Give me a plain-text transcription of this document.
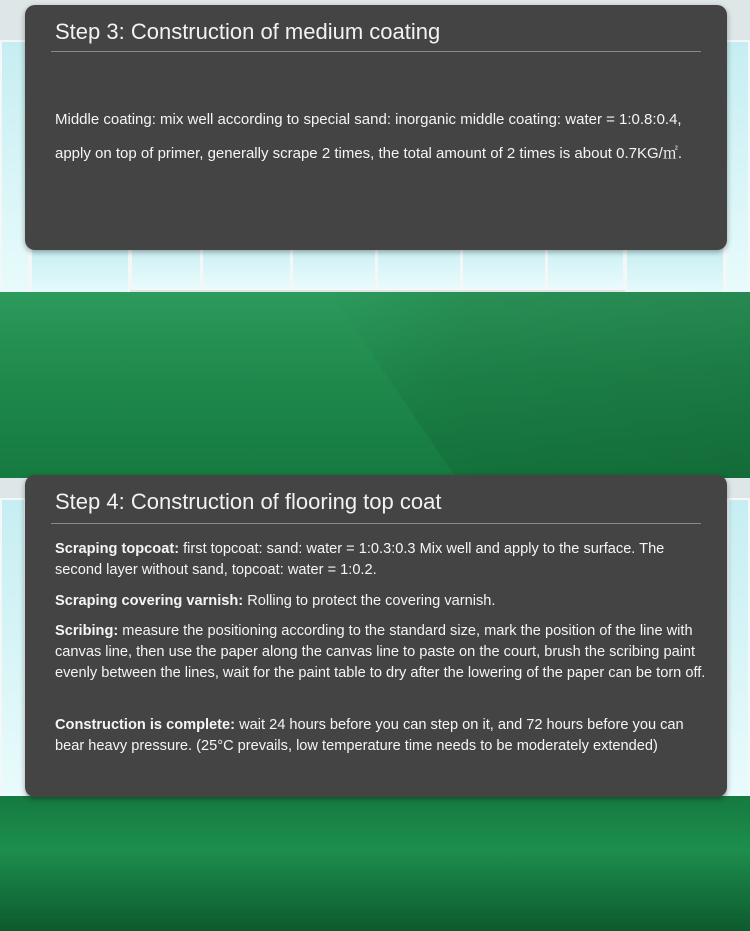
Step 3: Construction of medium coating
Middle coating: mix well according to special sand: inorganic middle coating: water = 1:0.8:0.4, apply on top of primer, generally scrape 2 times, the total amount of 2 times is about 0.7KG/㎡.
Step 4: Construction of flooring top coat
Scraping topcoat: first topcoat: sand: water = 1:0.3:0.3 Mix well and apply to the surface. The second layer without sand, topcoat: water = 1:0.2.
Scraping covering varnish: Rolling to protect the covering varnish.
Scribing: measure the positioning according to the standard size, mark the position of the line with canvas line, then use the paper along the canvas line to paste on the court, brush the scribing paint evenly between the lines, wait for the paint table to dry after the lowering of the paper can be torn off.
Construction is complete: wait 24 hours before you can step on it, and 72 hours before you can bear heavy pressure. (25°C prevails, low temperature time needs to be moderately extended)
